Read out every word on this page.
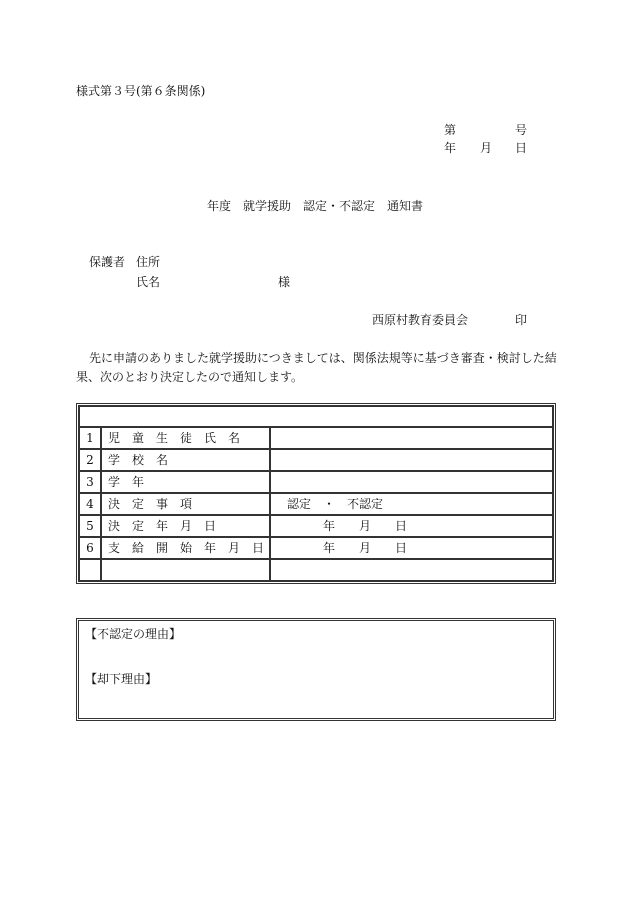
様式第３号(第６条関係)
第	号
年 月 日
年度　就学援助　認定・不認定　通知書
保護者 住所
氏名	様
西原村教育委員会	印
先に申請のありました就学援助につきましては、関係法規等に基づき審査・検討した結
果、次のとおり決定したので通知します。

1	児　童　生　徒　氏　名	
2	学　校　名	
3	学　年	
4	決　定　事　項	認定　・　不認定
5	決　定　年　月　日	年　　月　　日
6	支　給　開　始　年　月　日	年　　月　　日

【不認定の理由】
【却下理由】
